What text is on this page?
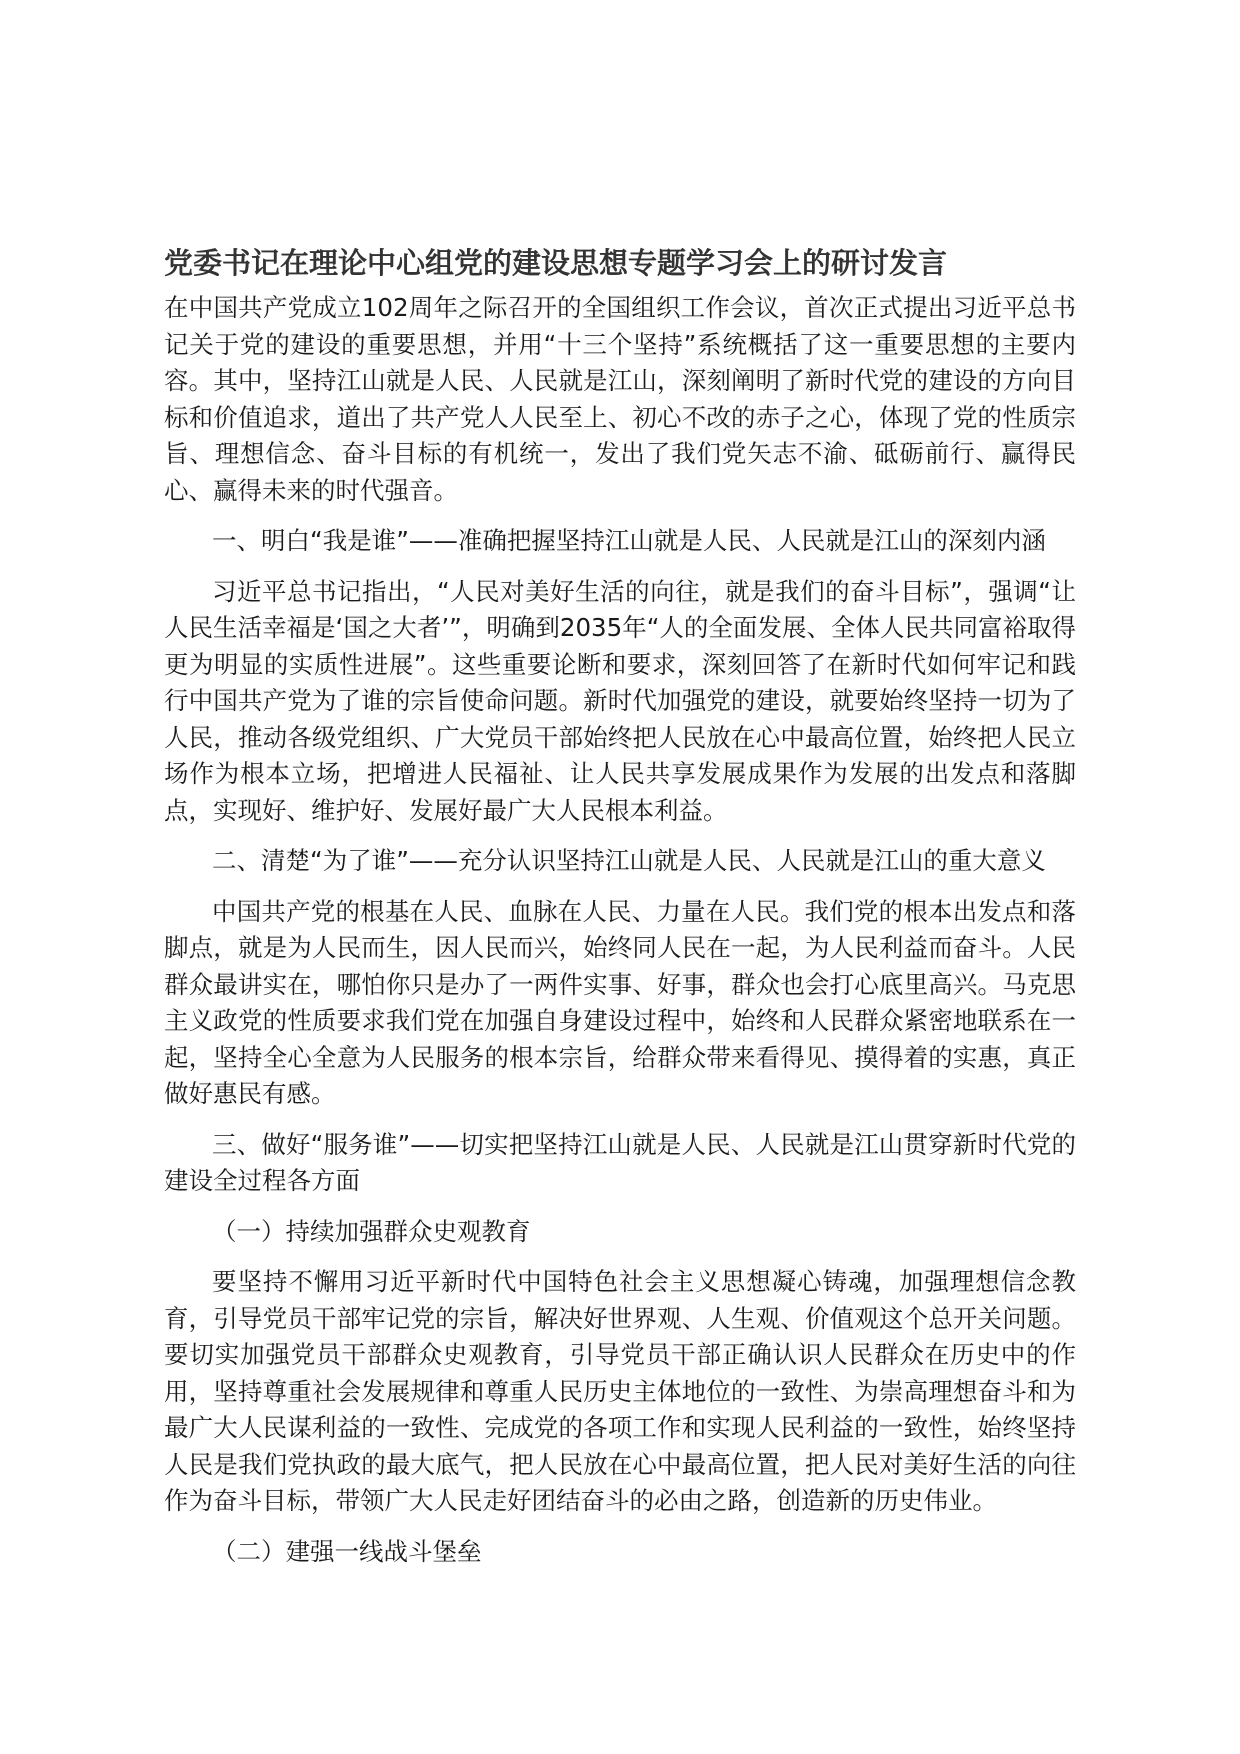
党委书记在理论中心组党的建设思想专题学习会上的研讨发言

在中国共产党成立102周年之际召开的全国组织工作会议，首次正式提出习近平总书记关于党的建设的重要思想，并用“十三个坚持”系统概括了这一重要思想的主要内容。其中，坚持江山就是人民、人民就是江山，深刻阐明了新时代党的建设的方向目标和价值追求，道出了共产党人人民至上、初心不改的赤子之心，体现了党的性质宗旨、理想信念、奋斗目标的有机统一，发出了我们党矢志不渝、砥砺前行、赢得民心、赢得未来的时代强音。

一、明白“我是谁”——准确把握坚持江山就是人民、人民就是江山的深刻内涵

习近平总书记指出，“人民对美好生活的向往，就是我们的奋斗目标”，强调“让人民生活幸福是‘国之大者’”，明确到2035年“人的全面发展、全体人民共同富裕取得更为明显的实质性进展”。这些重要论断和要求，深刻回答了在新时代如何牢记和践行中国共产党为了谁的宗旨使命问题。新时代加强党的建设，就要始终坚持一切为了人民，推动各级党组织、广大党员干部始终把人民放在心中最高位置，始终把人民立场作为根本立场，把增进人民福祉、让人民共享发展成果作为发展的出发点和落脚点，实现好、维护好、发展好最广大人民根本利益。

二、清楚“为了谁”——充分认识坚持江山就是人民、人民就是江山的重大意义

中国共产党的根基在人民、血脉在人民、力量在人民。我们党的根本出发点和落脚点，就是为人民而生，因人民而兴，始终同人民在一起，为人民利益而奋斗。人民群众最讲实在，哪怕你只是办了一两件实事、好事，群众也会打心底里高兴。马克思主义政党的性质要求我们党在加强自身建设过程中，始终和人民群众紧密地联系在一起，坚持全心全意为人民服务的根本宗旨，给群众带来看得见、摸得着的实惠，真正做好惠民有感。

三、做好“服务谁”——切实把坚持江山就是人民、人民就是江山贯穿新时代党的建设全过程各方面

（一）持续加强群众史观教育

要坚持不懈用习近平新时代中国特色社会主义思想凝心铸魂，加强理想信念教育，引导党员干部牢记党的宗旨，解决好世界观、人生观、价值观这个总开关问题。要切实加强党员干部群众史观教育，引导党员干部正确认识人民群众在历史中的作用，坚持尊重社会发展规律和尊重人民历史主体地位的一致性、为崇高理想奋斗和为最广大人民谋利益的一致性、完成党的各项工作和实现人民利益的一致性，始终坚持人民是我们党执政的最大底气，把人民放在心中最高位置，把人民对美好生活的向往作为奋斗目标，带领广大人民走好团结奋斗的必由之路，创造新的历史伟业。

（二）建强一线战斗堡垒
